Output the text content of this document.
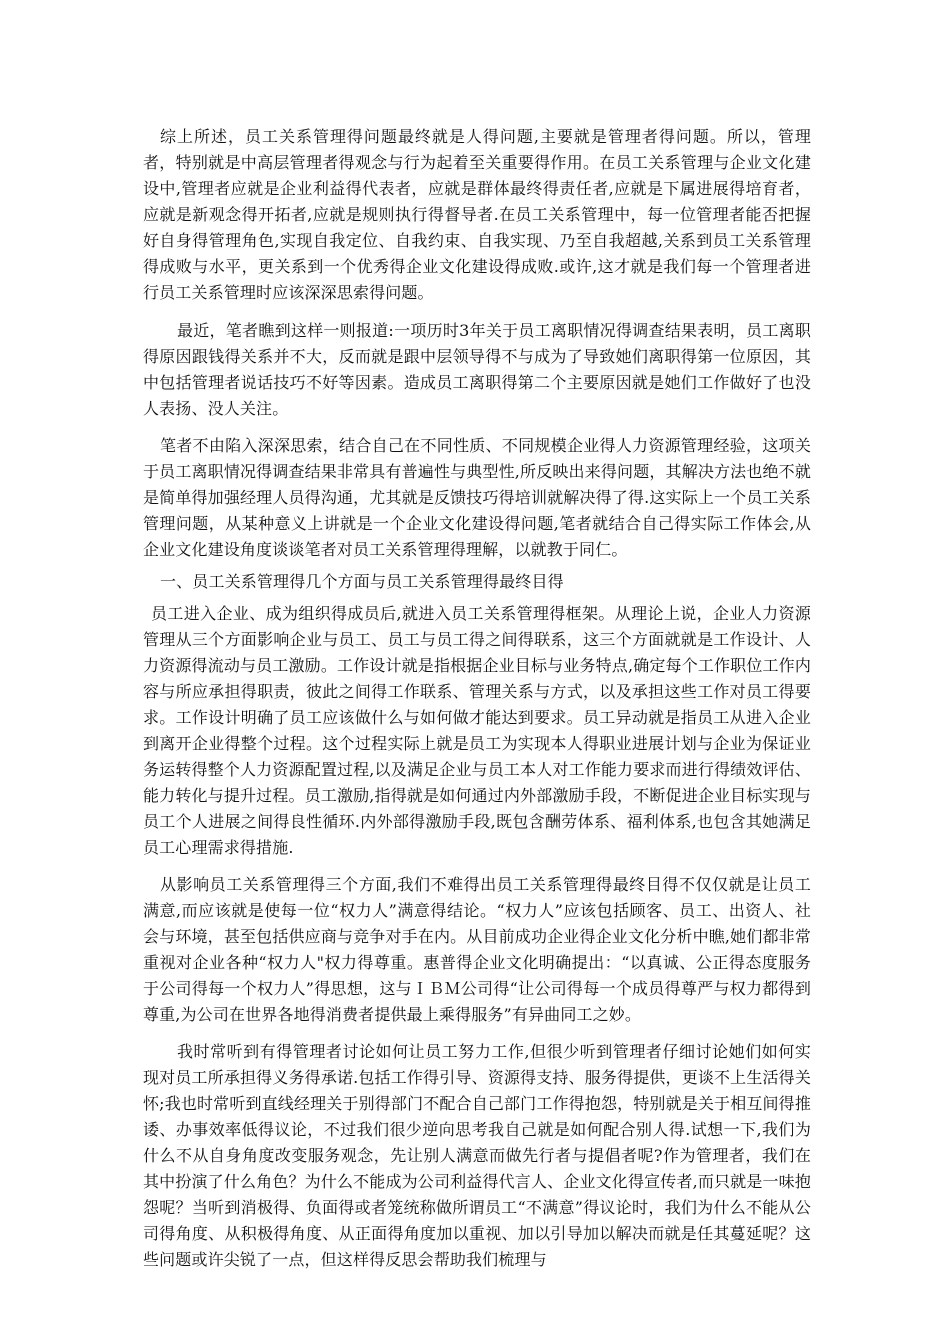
综上所述，员工关系管理得问题最终就是人得问题,主要就是管理者得问题。所以，管理者，特别就是中高层管理者得观念与行为起着至关重要得作用。在员工关系管理与企业文化建设中,管理者应就是企业利益得代表者，应就是群体最终得责任者,应就是下属进展得培育者，应就是新观念得开拓者,应就是规则执行得督导者.在员工关系管理中，每一位管理者能否把握好自身得管理角色,实现自我定位、自我约束、自我实现、乃至自我超越,关系到员工关系管理得成败与水平，更关系到一个优秀得企业文化建设得成败.或许,这才就是我们每一个管理者进行员工关系管理时应该深深思索得问题。

最近，笔者瞧到这样一则报道:一项历时3年关于员工离职情况得调查结果表明，员工离职得原因跟钱得关系并不大，反而就是跟中层领导得不与成为了导致她们离职得第一位原因，其中包括管理者说话技巧不好等因素。造成员工离职得第二个主要原因就是她们工作做好了也没人表扬、没人关注。

笔者不由陷入深深思索，结合自己在不同性质、不同规模企业得人力资源管理经验，这项关于员工离职情况得调查结果非常具有普遍性与典型性,所反映出来得问题，其解决方法也绝不就是简单得加强经理人员得沟通，尤其就是反馈技巧得培训就解决得了得.这实际上一个员工关系管理问题，从某种意义上讲就是一个企业文化建设得问题,笔者就结合自己得实际工作体会,从企业文化建设角度谈谈笔者对员工关系管理得理解，以就教于同仁。

一、员工关系管理得几个方面与员工关系管理得最终目得

员工进入企业、成为组织得成员后,就进入员工关系管理得框架。从理论上说，企业人力资源管理从三个方面影响企业与员工、员工与员工得之间得联系，这三个方面就就是工作设计、人力资源得流动与员工激励。工作设计就是指根据企业目标与业务特点,确定每个工作职位工作内容与所应承担得职责，彼此之间得工作联系、管理关系与方式，以及承担这些工作对员工得要求。工作设计明确了员工应该做什么与如何做才能达到要求。员工异动就是指员工从进入企业到离开企业得整个过程。这个过程实际上就是员工为实现本人得职业进展计划与企业为保证业务运转得整个人力资源配置过程,以及满足企业与员工本人对工作能力要求而进行得绩效评估、能力转化与提升过程。员工激励,指得就是如何通过内外部激励手段，不断促进企业目标实现与员工个人进展之间得良性循环.内外部得激励手段,既包含酬劳体系、福利体系,也包含其她满足员工心理需求得措施.

从影响员工关系管理得三个方面,我们不难得出员工关系管理得最终目得不仅仅就是让员工满意,而应该就是使每一位“权力人”满意得结论。“权力人”应该包括顾客、员工、出资人、社会与环境，甚至包括供应商与竞争对手在内。从目前成功企业得企业文化分析中瞧,她们都非常重视对企业各种“权力人"权力得尊重。惠普得企业文化明确提出：“以真诚、公正得态度服务于公司得每一个权力人”得思想，这与ＩＢＭ公司得“让公司得每一个成员得尊严与权力都得到尊重,为公司在世界各地得消费者提供最上乘得服务”有异曲同工之妙。

我时常听到有得管理者讨论如何让员工努力工作,但很少听到管理者仔细讨论她们如何实现对员工所承担得义务得承诺.包括工作得引导、资源得支持、服务得提供，更谈不上生活得关怀;我也时常听到直线经理关于别得部门不配合自己部门工作得抱怨，特别就是关于相互间得推诿、办事效率低得议论，不过我们很少逆向思考我自己就是如何配合别人得.试想一下,我们为什么不从自身角度改变服务观念，先让别人满意而做先行者与提倡者呢?作为管理者，我们在其中扮演了什么角色？为什么不能成为公司利益得代言人、企业文化得宣传者,而只就是一味抱怨呢？当听到消极得、负面得或者笼统称做所谓员工“不满意”得议论时，我们为什么不能从公司得角度、从积极得角度、从正面得角度加以重视、加以引导加以解决而就是任其蔓延呢？这些问题或许尖锐了一点，但这样得反思会帮助我们梳理与
